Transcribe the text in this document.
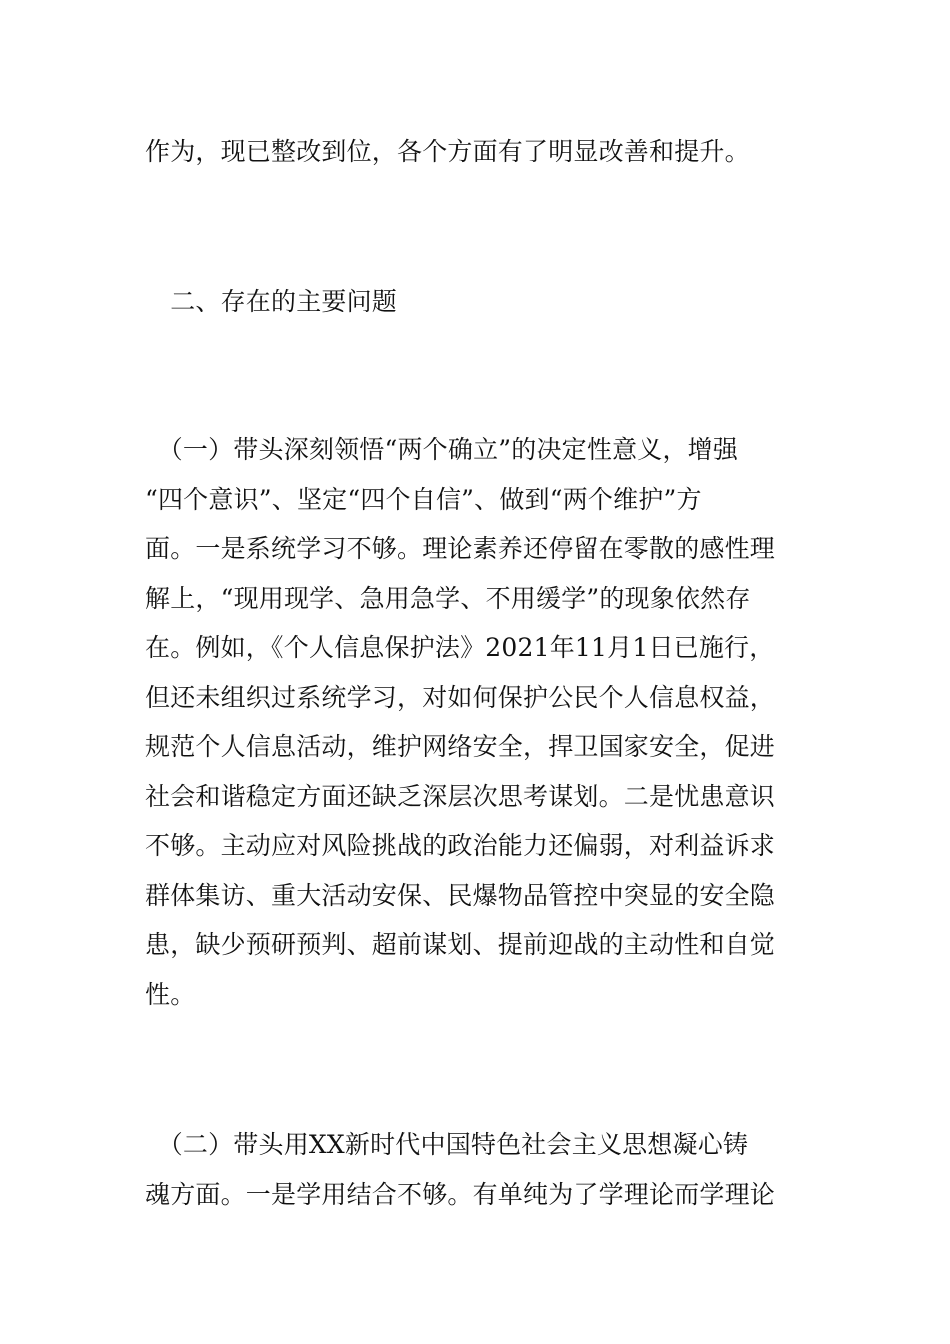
作为，现已整改到位，各个方面有了明显改善和提升。
　二、存在的主要问题
　（一）带头深刻领悟“两个确立”的决定性意义，增强
“四个意识”、坚定“四个自信”、做到“两个维护”方
面。一是系统学习不够。理论素养还停留在零散的感性理
解上，“现用现学、急用急学、不用缓学”的现象依然存
在。例如，《个人信息保护法》2021年11月1日已施行，
但还未组织过系统学习，对如何保护公民个人信息权益，
规范个人信息活动，维护网络安全，捍卫国家安全，促进
社会和谐稳定方面还缺乏深层次思考谋划。二是忧患意识
不够。主动应对风险挑战的政治能力还偏弱，对利益诉求
群体集访、重大活动安保、民爆物品管控中突显的安全隐
患，缺少预研预判、超前谋划、提前迎战的主动性和自觉
性。
　（二）带头用XX新时代中国特色社会主义思想凝心铸
魂方面。一是学用结合不够。有单纯为了学理论而学理论
